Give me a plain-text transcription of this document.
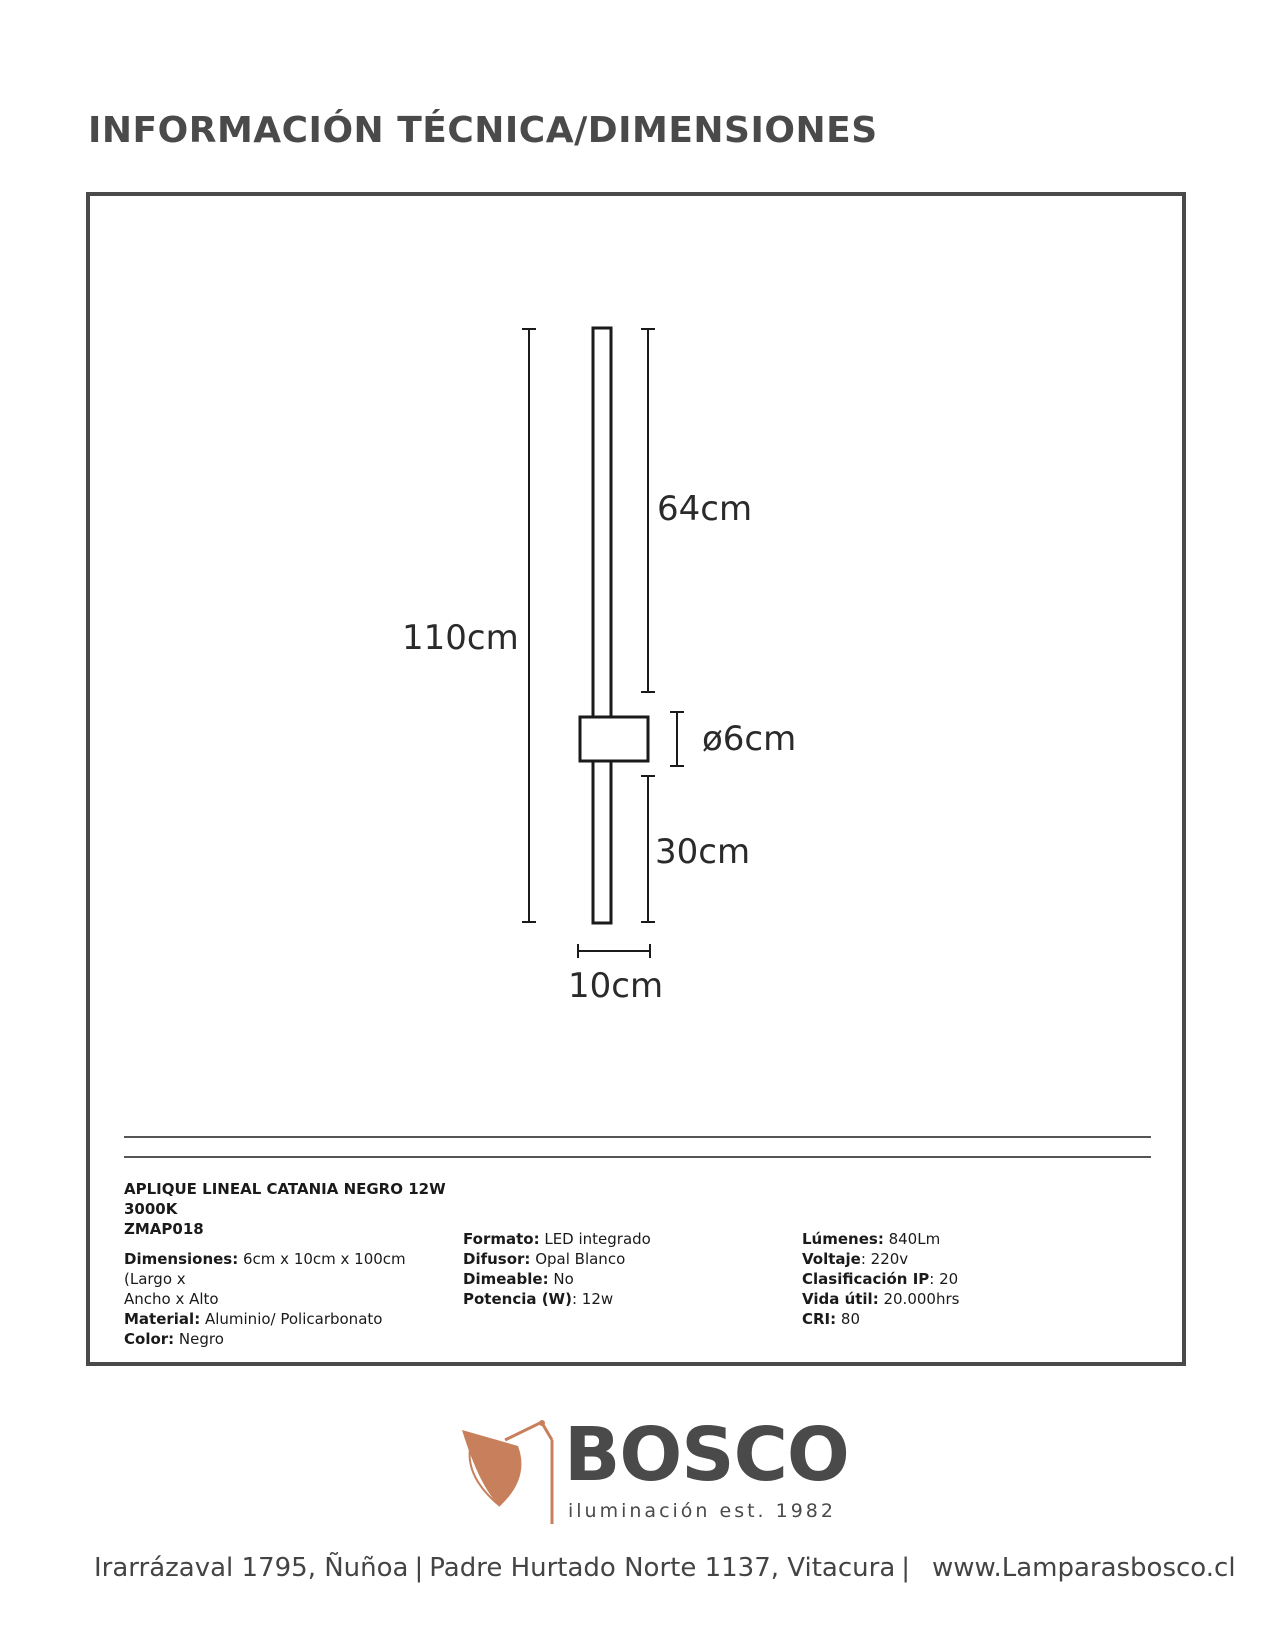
INFORMACIÓN TÉCNICA/DIMENSIONES
110cm
64cm
ø6cm
30cm
10cm
APLIQUE LINEAL CATANIA NEGRO 12W
3000K
ZMAP018
Dimensiones: 6cm x 10cm x 100cm (Largo x
Ancho x Alto
Material: Aluminio/ Policarbonato
Color: Negro
Formato: LED integrado
Difusor: Opal Blanco
Dimeable: No
Potencia (W): 12w
Lúmenes: 840Lm
Voltaje: 220v
Clasificación IP: 20
Vida útil: 20.000hrs
CRI: 80
BOSCO
iluminación est. 1982
Irarrázaval 1795, Ñuñoa | Padre Hurtado Norte 1137, Vitacura | www.Lamparasbosco.cl
